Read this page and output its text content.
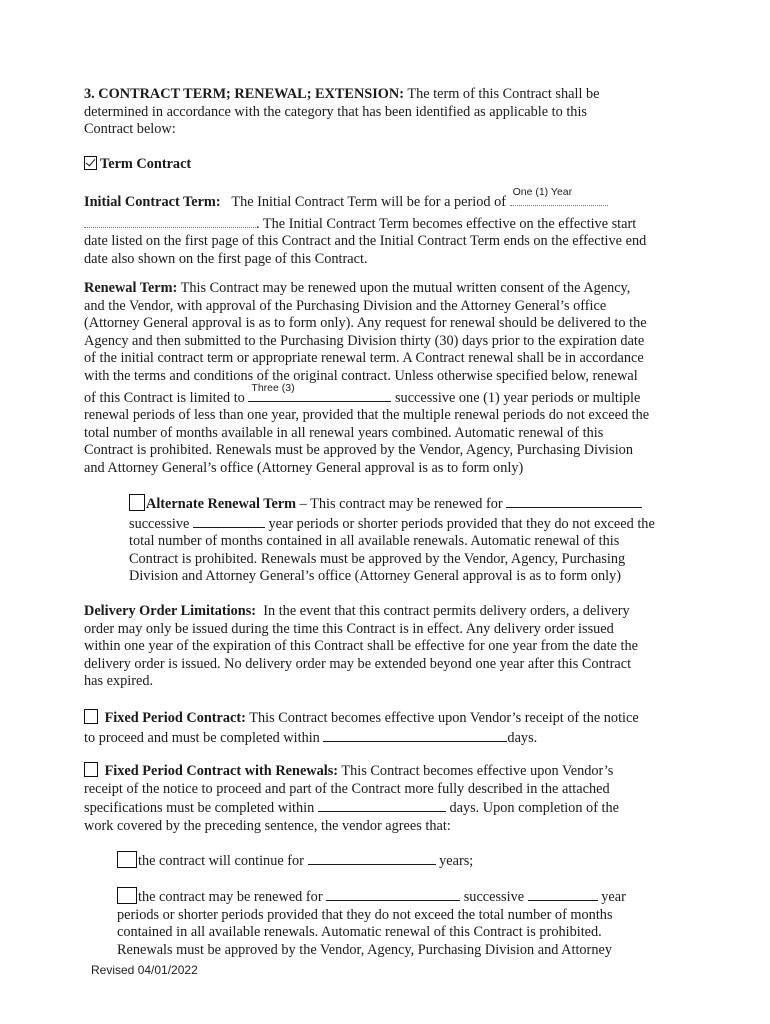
3. CONTRACT TERM; RENEWAL; EXTENSION: The term of this Contract shall be
determined in accordance with the category that has been identified as applicable to this
Contract below:
Term Contract
Initial Contract Term: The Initial Contract Term will be for a period of
One (1) Year
. The Initial Contract Term becomes effective on the effective start
date listed on the first page of this Contract and the Initial Contract Term ends on the effective end
date also shown on the first page of this Contract.
Renewal Term: This Contract may be renewed upon the mutual written consent of the Agency,
and the Vendor, with approval of the Purchasing Division and the Attorney General’s office
(Attorney General approval is as to form only). Any request for renewal should be delivered to the
Agency and then submitted to the Purchasing Division thirty (30) days prior to the expiration date
of the initial contract term or appropriate renewal term. A Contract renewal shall be in accordance
with the terms and conditions of the original contract. Unless otherwise specified below, renewal
of this Contract is limited to
Three (3)
successive one (1) year periods or multiple
renewal periods of less than one year, provided that the multiple renewal periods do not exceed the
total number of months available in all renewal years combined. Automatic renewal of this
Contract is prohibited. Renewals must be approved by the Vendor, Agency, Purchasing Division
and Attorney General’s office (Attorney General approval is as to form only)
Alternate Renewal Term – This contract may be renewed for
successive	year periods or shorter periods provided that they do not exceed the
total number of months contained in all available renewals. Automatic renewal of this
Contract is prohibited. Renewals must be approved by the Vendor, Agency, Purchasing
Division and Attorney General’s office (Attorney General approval is as to form only)
Delivery Order Limitations: In the event that this contract permits delivery orders, a delivery
order may only be issued during the time this Contract is in effect. Any delivery order issued
within one year of the expiration of this Contract shall be effective for one year from the date the
delivery order is issued. No delivery order may be extended beyond one year after this Contract
has expired.
Fixed Period Contract: This Contract becomes effective upon Vendor’s receipt of the notice
to proceed and must be completed within	days.
Fixed Period Contract with Renewals: This Contract becomes effective upon Vendor’s
receipt of the notice to proceed and part of the Contract more fully described in the attached
specifications must be completed within	days. Upon completion of the
work covered by the preceding sentence, the vendor agrees that:
the contract will continue for	years;
the contract may be renewed for	successive	year
periods or shorter periods provided that they do not exceed the total number of months
contained in all available renewals. Automatic renewal of this Contract is prohibited.
Renewals must be approved by the Vendor, Agency, Purchasing Division and Attorney
Revised 04/01/2022
